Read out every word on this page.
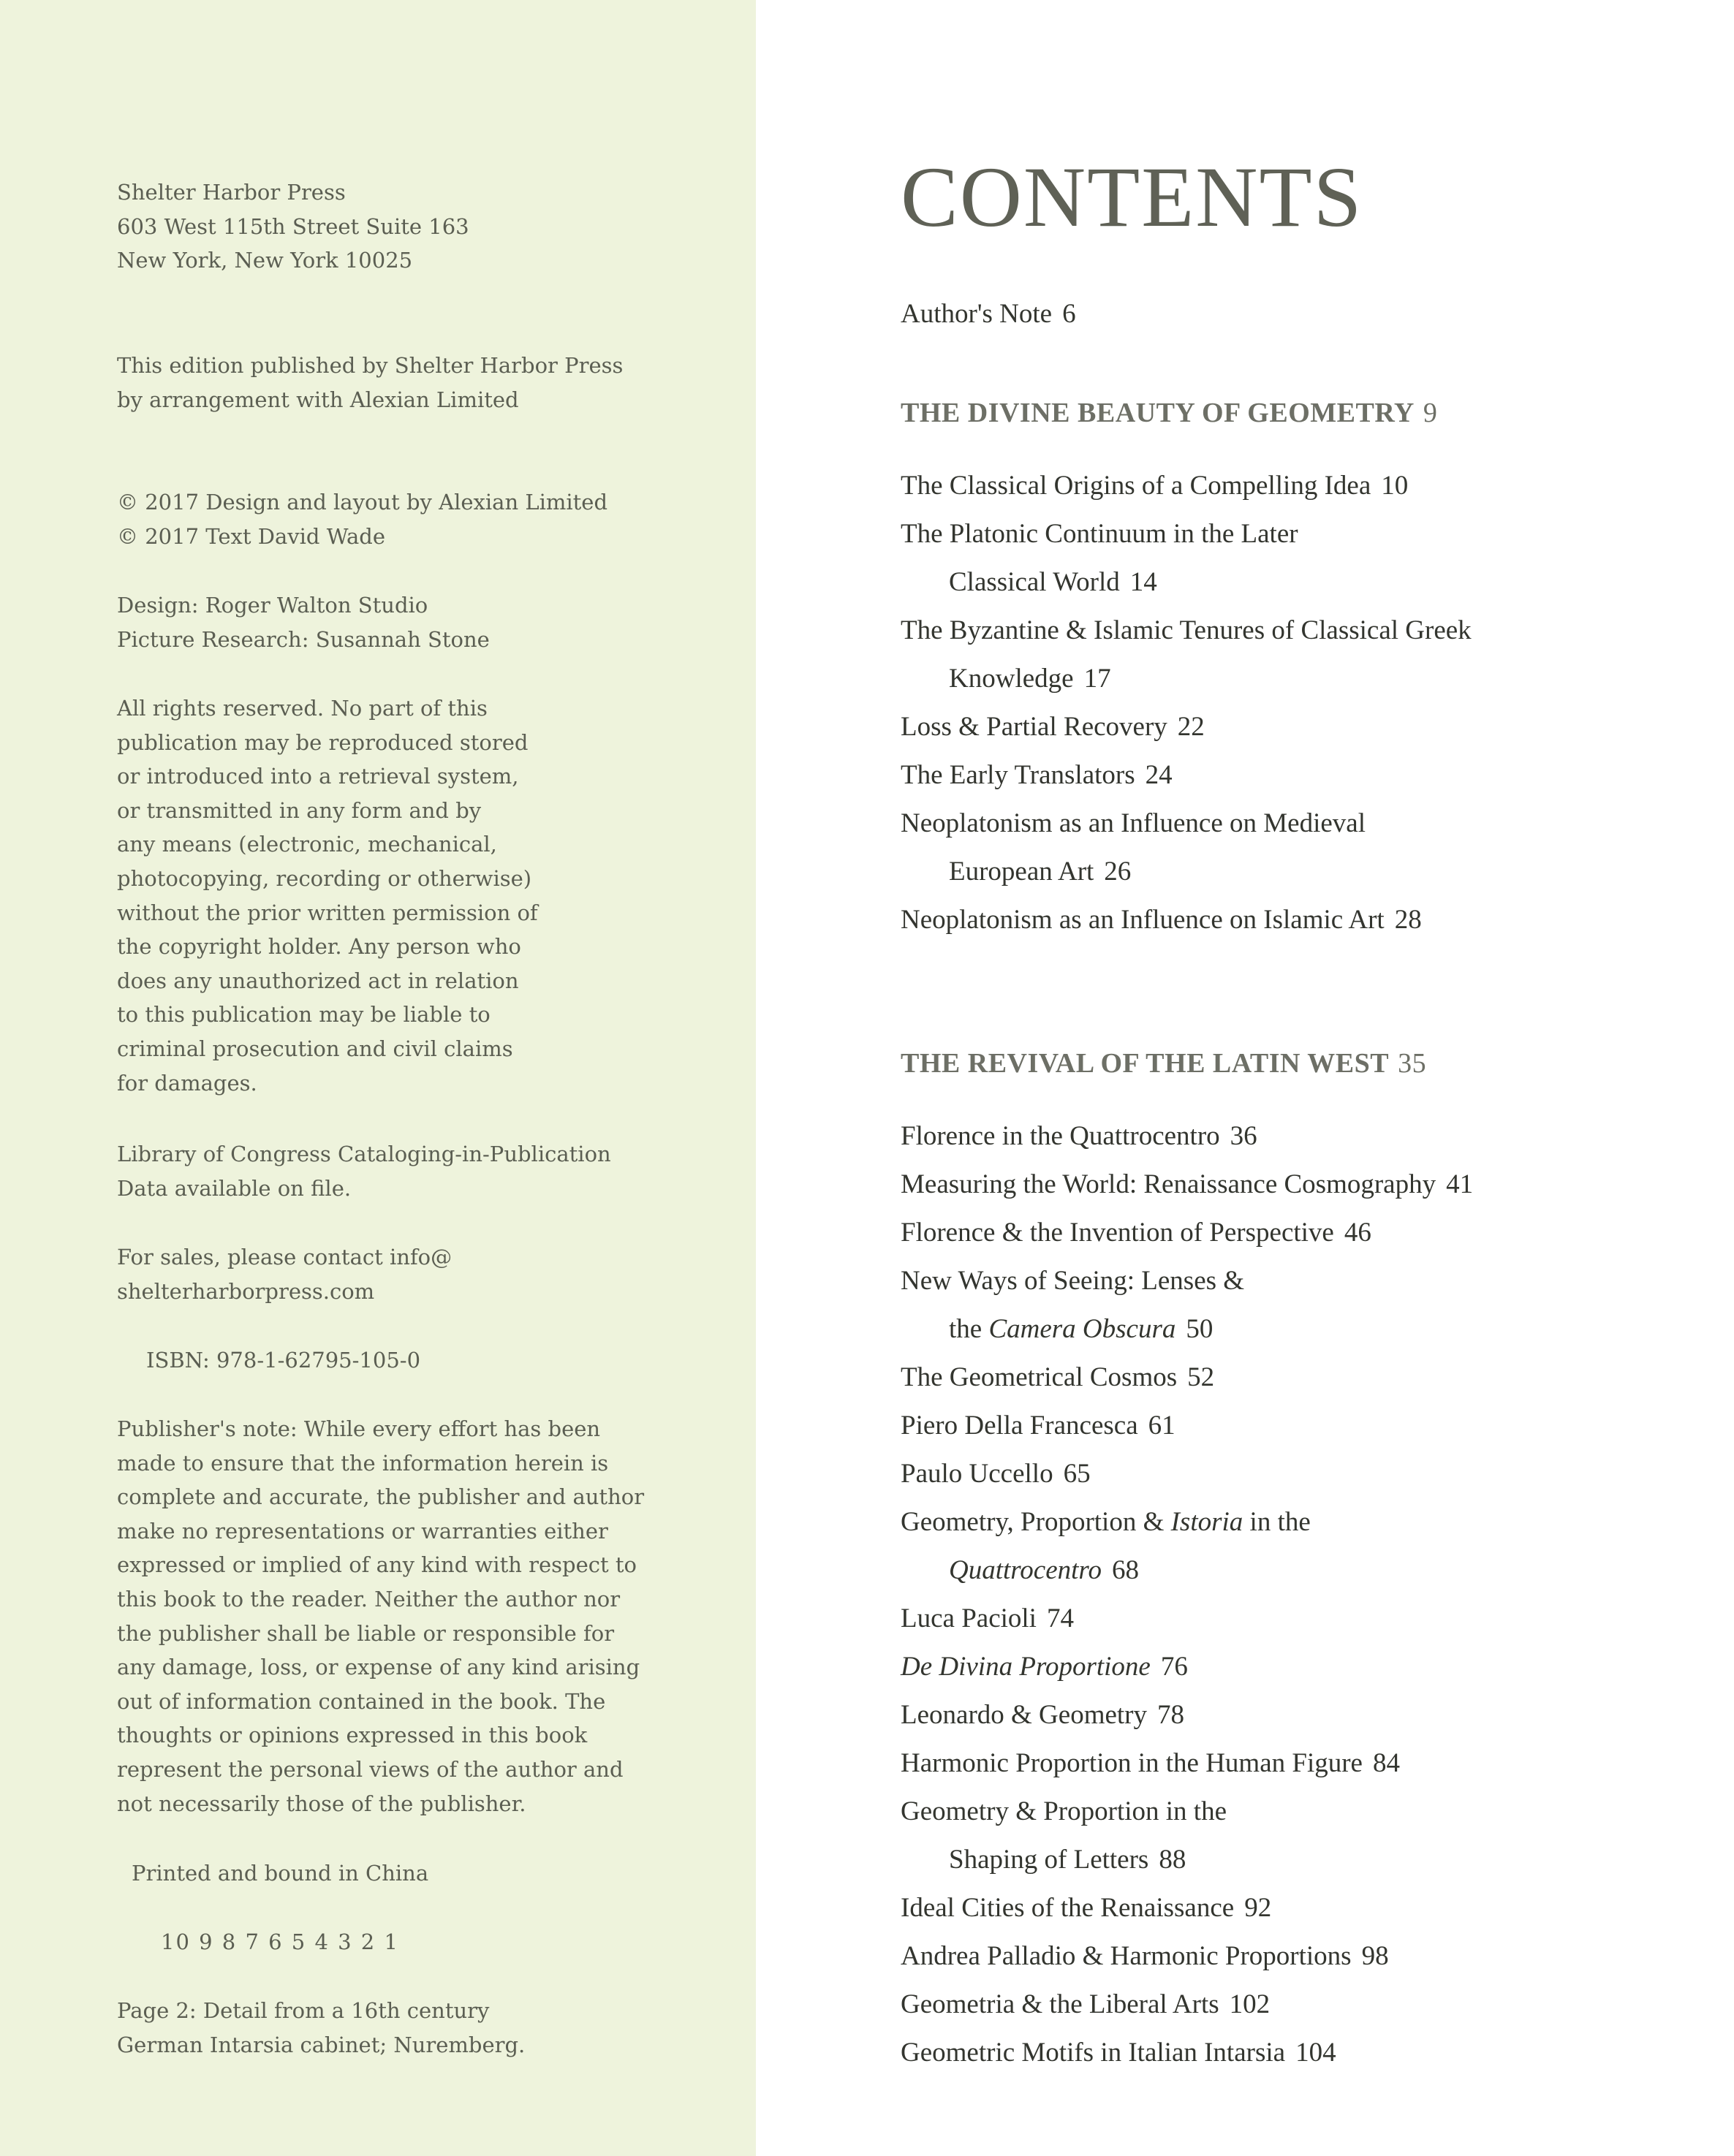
Shelter Harbor Press
603 West 115th Street Suite 163
New York, New York 10025
This edition published by Shelter Harbor Press
by arrangement with Alexian Limited
© 2017 Design and layout by Alexian Limited
© 2017 Text David Wade
Design: Roger Walton Studio
Picture Research: Susannah Stone
All rights reserved. No part of this
publication may be reproduced stored
or introduced into a retrieval system,
or transmitted in any form and by
any means (electronic, mechanical,
photocopying, recording or otherwise)
without the prior written permission of
the copyright holder. Any person who
does any unauthorized act in relation
to this publication may be liable to
criminal prosecution and civil claims
for damages.
Library of Congress Cataloging-in-Publication
Data available on file.
For sales, please contact info@
shelterharborpress.com
ISBN: 978-1-62795-105-0
Publisher's note: While every effort has been
made to ensure that the information herein is
complete and accurate, the publisher and author
make no representations or warranties either
expressed or implied of any kind with respect to
this book to the reader. Neither the author nor
the publisher shall be liable or responsible for
any damage, loss, or expense of any kind arising
out of information contained in the book. The
thoughts or opinions expressed in this book
represent the personal views of the author and
not necessarily those of the publisher.
Printed and bound in China
10 9 8 7 6 5 4 3 2 1
Page 2: Detail from a 16th century
German Intarsia cabinet; Nuremberg.
CONTENTS
Author's Note 6
THE DIVINE BEAUTY OF GEOMETRY 9
The Classical Origins of a Compelling Idea 10
The Platonic Continuum in the Later
Classical World 14
The Byzantine & Islamic Tenures of Classical Greek
Knowledge 17
Loss & Partial Recovery 22
The Early Translators 24
Neoplatonism as an Influence on Medieval
European Art 26
Neoplatonism as an Influence on Islamic Art 28
THE REVIVAL OF THE LATIN WEST 35
Florence in the Quattrocentro 36
Measuring the World: Renaissance Cosmography 41
Florence & the Invention of Perspective 46
New Ways of Seeing: Lenses &
the Camera Obscura 50
The Geometrical Cosmos 52
Piero Della Francesca 61
Paulo Uccello 65
Geometry, Proportion & Istoria in the
Quattrocentro 68
Luca Pacioli 74
De Divina Proportione 76
Leonardo & Geometry 78
Harmonic Proportion in the Human Figure 84
Geometry & Proportion in the
Shaping of Letters 88
Ideal Cities of the Renaissance 92
Andrea Palladio & Harmonic Proportions 98
Geometria & the Liberal Arts 102
Geometric Motifs in Italian Intarsia 104
